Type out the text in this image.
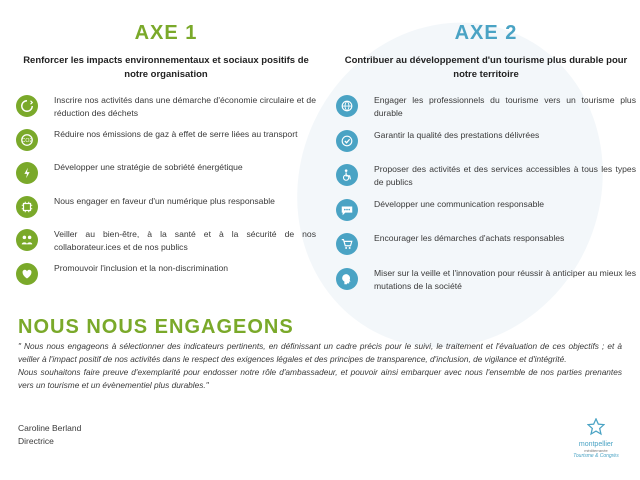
AXE 1

Renforcer les impacts environnementaux et sociaux positifs de notre organisation

Inscrire nos activités dans une démarche d'économie circulaire et de réduction des déchets
CO2
Réduire nos émissions de gaz à effet de serre liées au transport
Développer une stratégie de sobriété énergétique
Nous engager en faveur d'un numérique plus responsable
Veiller au bien-être, à la santé et à la sécurité de nos collaborateur.ices et de nos publics
Promouvoir l'inclusion et la non-discrimination
AXE 2

Contribuer au développement d'un tourisme plus durable pour notre territoire

Engager les professionnels du tourisme vers un tourisme plus durable
Garantir la qualité des prestations délivrées
Proposer des activités et des services accessibles à tous les types de publics
Développer une communication responsable
Encourager les démarches d'achats responsables
Miser sur la veille et l'innovation pour réussir à anticiper au mieux les mutations de la société
NOUS NOUS ENGAGEONS

" Nous nous engageons à sélectionner des indicateurs pertinents, en définissant un cadre précis pour le suivi, le traitement et l'évaluation de ces objectifs ; et à veiller à l'impact positif de nos activités dans le respect des exigences légales et des principes de transparence, d'inclusion, de vigilance et d'intégrité.

Nous souhaitons faire preuve d'exemplarité pour endosser notre rôle d'ambassadeur, et pouvoir ainsi embarquer avec nous l'ensemble de nos parties prenantes vers un tourisme et un évènementiel plus durables."

Caroline Berland
Directrice	montpellier
méditerranée
Tourisme & Congrès
